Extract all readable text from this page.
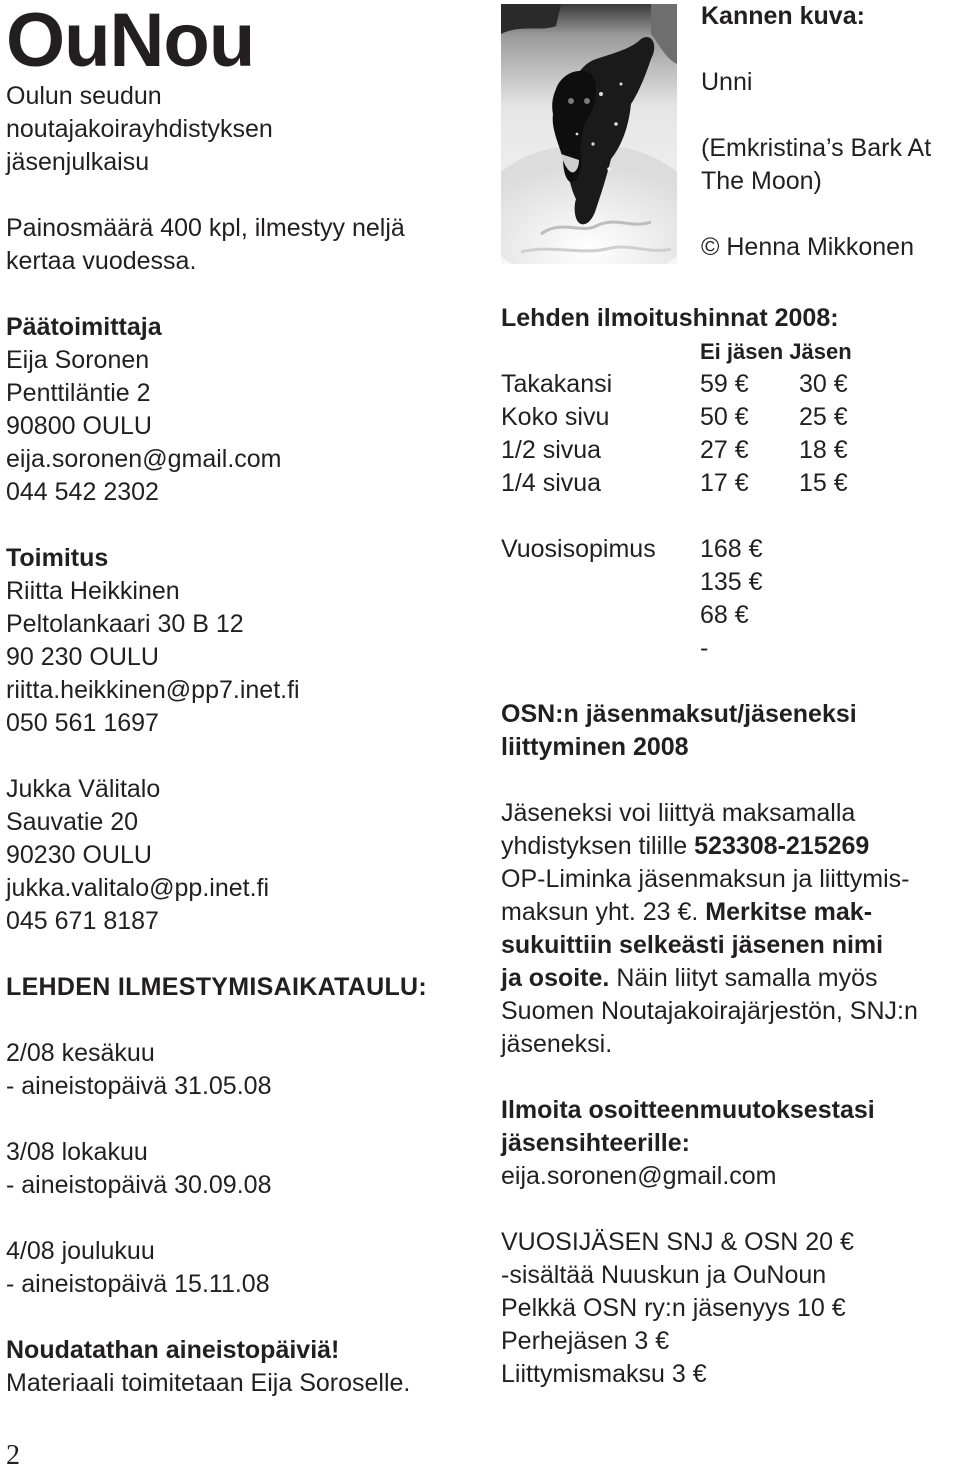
OuNou
Oulun seudun
noutajakoirayhdistyksen
jäsenjulkaisu
Painosmäärä 400 kpl, ilmestyy neljä
kertaa vuodessa.
Päätoimittaja
Eija Soronen
Penttiläntie 2
90800 OULU
eija.soronen@gmail.com
044 542 2302
Toimitus
Riitta Heikkinen
Peltolankaari 30 B 12
90 230 OULU
riitta.heikkinen@pp7.inet.fi
050 561 1697
Jukka Välitalo
Sauvatie 20
90230 OULU
jukka.valitalo@pp.inet.fi
045 671 8187
LEHDEN ILMESTYMISAIKATAULU:
2/08 kesäkuu
- aineistopäivä 31.05.08
3/08 lokakuu
- aineistopäivä 30.09.08
4/08 joulukuu
- aineistopäivä 15.11.08
Noudatathan aineistopäiviä!
Materiaali toimitetaan Eija Soroselle.
Kannen kuva:
Unni
(Emkristina’s Bark At
The Moon)
© Henna Mikkonen
Lehden ilmoitushinnat 2008:
Ei jäsen Jäsen
Takakansi	59 € 30 €
Koko sivu	50 € 25 €
1/2 sivua	27 € 18 €
1/4 sivua	17 € 15 €
Vuosisopimus 168 €
135 €
68 €
-
OSN:n jäsenmaksut/jäseneksi
liittyminen 2008
Jäseneksi voi liittyä maksamalla
yhdistyksen tilille 523308-215269
OP-Liminka jäsenmaksun ja liittymis-
maksun yht. 23 €. Merkitse mak-
sukuittiin selkeästi jäsenen nimi
ja osoite. Näin liityt samalla myös
Suomen Noutajakoirajärjestön, SNJ:n
jäseneksi.
Ilmoita osoitteenmuutoksestasi
jäsensihteerille:
eija.soronen@gmail.com
VUOSIJÄSEN SNJ & OSN 20 €
-sisältää Nuuskun ja OuNoun
Pelkkä OSN ry:n jäsenyys 10 €
Perhejäsen 3 €
Liittymismaksu 3 €
2
